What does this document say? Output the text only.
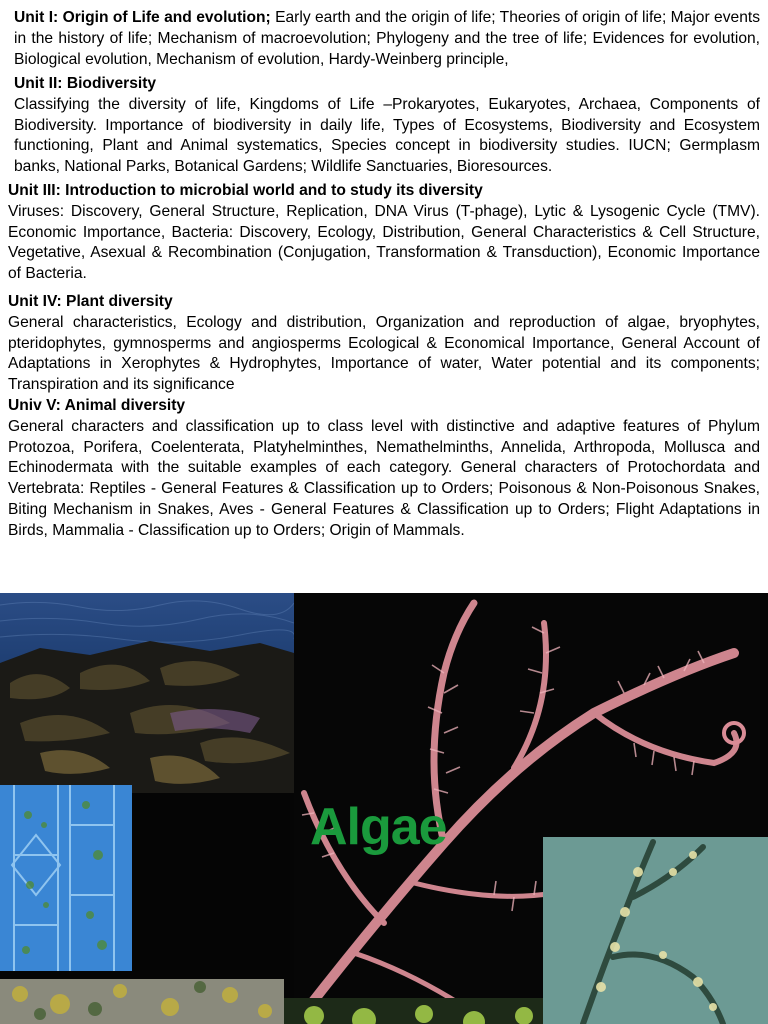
Unit I: Origin of Life and evolution; Early earth and the origin of life; Theories of origin of life; Major events in the history of life; Mechanism of macroevolution; Phylogeny and the tree of life; Evidences for evolution, Biological evolution, Mechanism of evolution, Hardy-Weinberg principle,
Unit II: Biodiversity
Classifying the diversity of life, Kingdoms of Life –Prokaryotes, Eukaryotes, Archaea, Components of Biodiversity. Importance of biodiversity in daily life, Types of Ecosystems, Biodiversity and Ecosystem functioning, Plant and Animal systematics, Species concept in biodiversity studies. IUCN; Germplasm banks, National Parks, Botanical Gardens; Wildlife Sanctuaries, Bioresources.
Unit III: Introduction to microbial world and to study its diversity
Viruses: Discovery, General Structure, Replication, DNA Virus (T-phage), Lytic & Lysogenic Cycle (TMV). Economic Importance, Bacteria: Discovery, Ecology, Distribution, General Characteristics & Cell Structure, Vegetative, Asexual & Recombination (Conjugation, Transformation & Transduction), Economic Importance of Bacteria.
Unit IV: Plant diversity
General characteristics, Ecology and distribution, Organization and reproduction of algae, bryophytes, pteridophytes, gymnosperms and angiosperms Ecological & Economical Importance, General Account of Adaptations in Xerophytes & Hydrophytes, Importance of water, Water potential and its components; Transpiration and its significance
Univ V: Animal diversity
General characters and classification up to class level with distinctive and adaptive features of Phylum Protozoa, Porifera, Coelenterata, Platyhelminthes, Nemathelminths, Annelida, Arthropoda, Mollusca and Echinodermata with the suitable examples of each category. General characters of Protochordata and Vertebrata: Reptiles - General Features & Classification up to Orders; Poisonous & Non-Poisonous Snakes, Biting Mechanism in Snakes, Aves - General Features & Classification up to Orders; Flight Adaptations in Birds, Mammalia - Classification up to Orders; Origin of Mammals.
Algae
